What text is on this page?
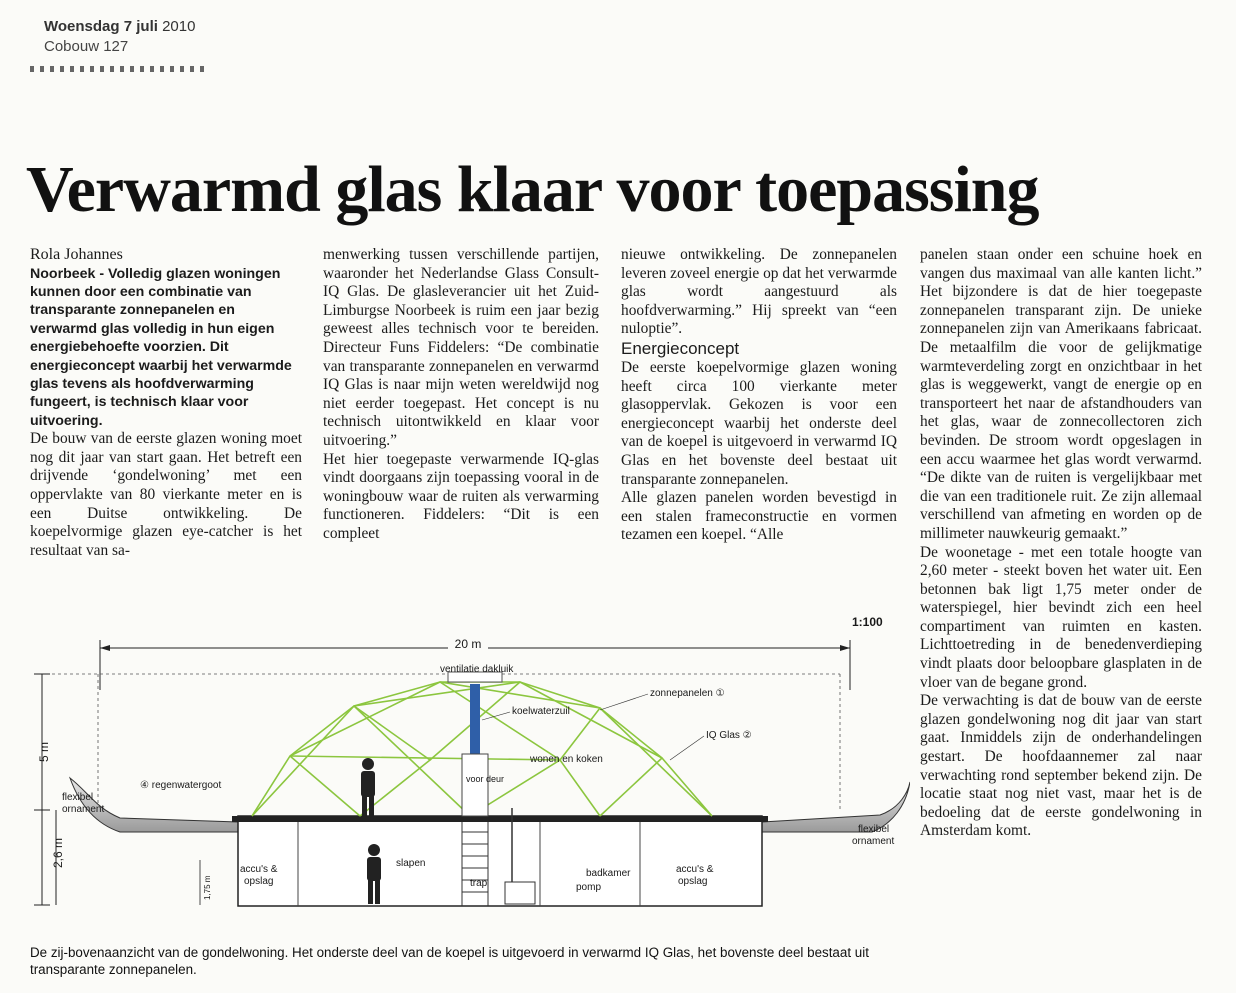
Woensdag 7 juli 2010
Cobouw 127
Verwarmd glas klaar voor toepassing

Rola Johannes

Noorbeek - Volledig glazen woningen kunnen door een combinatie van transparante zonnepanelen en verwarmd glas volledig in hun eigen energiebehoefte voorzien. Dit energieconcept waarbij het verwarmde glas tevens als hoofdverwarming fungeert, is technisch klaar voor uitvoering.

De bouw van de eerste glazen woning moet nog dit jaar van start gaan. Het betreft een drijvende ‘gondelwoning’ met een oppervlakte van 80 vierkante meter en is een Duitse ontwikkeling. De koepelvormige glazen eye-catcher is het resultaat van sa-

menwerking tussen verschillende partijen, waaronder het Nederlandse Glass Consult-IQ Glas. De glasleverancier uit het Zuid-Limburgse Noorbeek is ruim een jaar bezig geweest alles technisch voor te bereiden. Directeur Funs Fiddelers: “De combinatie van transparante zonnepanelen en verwarmd IQ Glas is naar mijn weten wereldwijd nog niet eerder toegepast. Het concept is nu technisch uitontwikkeld en klaar voor uitvoering.”

Het hier toegepaste verwarmende IQ-glas vindt doorgaans zijn toepassing vooral in de woningbouw waar de ruiten als verwarming functioneren. Fiddelers: “Dit is een compleet

nieuwe ontwikkeling. De zonnepanelen leveren zoveel energie op dat het verwarmde glas wordt aangestuurd als hoofdverwarming.” Hij spreekt van “een nuloptie”.

Energieconcept

De eerste koepelvormige glazen woning heeft circa 100 vierkante meter glasoppervlak. Gekozen is voor een energieconcept waarbij het onderste deel van de koepel is uitgevoerd in verwarmd IQ Glas en het bovenste deel bestaat uit transparante zonnepanelen.

Alle glazen panelen worden bevestigd in een stalen frameconstructie en vormen tezamen een koepel. “Alle

panelen staan onder een schuine hoek en vangen dus maximaal van alle kanten licht.” Het bijzondere is dat de hier toegepaste zonnepanelen transparant zijn. De unieke zonnepanelen zijn van Amerikaans fabricaat. De metaalfilm die voor de gelijkmatige warmteverdeling zorgt en onzichtbaar in het glas is weggewerkt, vangt de energie op en transporteert het naar de afstandhouders van het glas, waar de zonnecollectoren zich bevinden. De stroom wordt opgeslagen in een accu waarmee het glas wordt verwarmd. “De dikte van de ruiten is vergelijkbaar met die van een traditionele ruit. Ze zijn allemaal verschillend van afmeting en worden op de millimeter nauwkeurig gemaakt.”

De woonetage - met een totale hoogte van 2,60 meter - steekt boven het water uit. Een betonnen bak ligt 1,75 meter onder de waterspiegel, hier bevindt zich een heel compartiment van ruimten en kasten. Lichttoetreding in de benedenverdieping vindt plaats door beloopbare glasplaten in de vloer van de begane grond.

De verwachting is dat de bouw van de eerste glazen gondelwoning nog dit jaar van start gaat. Inmiddels zijn de onderhandelingen gestart. De hoofdaannemer zal naar verwachting rond september bekend zijn. De locatie staat nog niet vast, maar het is de bedoeling dat de eerste gondelwoning in Amsterdam komt.

1:100
20 m
5 m
2,6 m
1,75 m
ventilatie dakluik
zonnepanelen ①
koelwaterzuil
IQ Glas ②
wonen en koken
voor deur
④ regenwatergoot
flexibel
ornament
flexibel
ornament
accu's &
opslag
slapen
trap
badkamer
pomp
accu's &
opslag
De zij-bovenaanzicht van de gondelwoning. Het onderste deel van de koepel is uitgevoerd in verwarmd IQ Glas, het bovenste deel bestaat uit transparante zonnepanelen.
